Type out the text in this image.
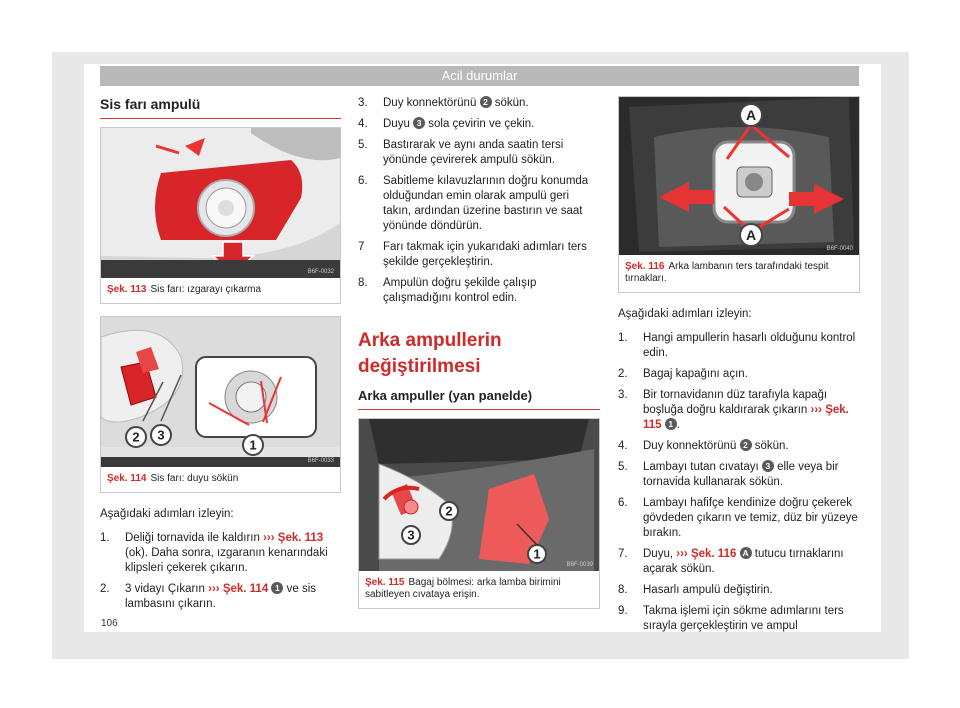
Acil durumlar
Sis farı ampulü
B6F-0032
Şek. 113 Sis farı: ızgarayı çıkarma
2 3
1
B6F-0033
Şek. 114 Sis farı: duyu sökün

Aşağıdaki adımları izleyin:

1. Deliği tornavida ile kaldırın ››› Şek. 113 (ok). Daha sonra, ızgaranın kenarındaki klipsleri çekerek çıkarın.
2. 3 vidayı Çıkarın ››› Şek. 114 1 ve sis lambasını çıkarın.
3. Duy konnektörünü 2 sökün.
4. Duyu 3 sola çevirin ve çekin.
5. Bastırarak ve aynı anda saatin tersi yönünde çevirerek ampulü sökün.
6. Sabitleme kılavuzlarının doğru konumda olduğundan emin olarak ampulü geri takın, ardından üzerine bastırın ve saat yönünde döndürün.
7 Farı takmak için yukarıdaki adımları ters şekilde gerçekleştirin.
8. Ampulün doğru şekilde çalışıp çalışmadığını kontrol edin.
Arka ampullerin değiştirilmesi
Arka ampuller (yan panelde)
2
3
1
B6F-0039
Şek. 115 Bagaj bölmesi: arka lamba birimini sabitleyen cıvataya erişin.
A
A
B6F-0040
Şek. 116 Arka lambanın ters tarafındaki tespit tırnakları.

Aşağıdaki adımları izleyin:

1. Hangi ampullerin hasarlı olduğunu kontrol edin.
2. Bagaj kapağını açın.
3. Bir tornavidanın düz tarafıyla kapağı boşluğa doğru kaldırarak çıkarın ››› Şek. 115 1 .
4. Duy konnektörünü 2 sökün.
5. Lambayı tutan cıvatayı 3 elle veya bir tornavida kullanarak sökün.
6. Lambayı hafifçe kendinize doğru çekerek gövdeden çıkarın ve temiz, düz bir yüzeye bırakın.
7. Duyu, ››› Şek. 116 A tutucu tırnaklarını açarak sökün.
8. Hasarlı ampulü değiştirin.
9. Takma işlemi için sökme adımlarını ters sırayla gerçekleştirin ve ampul
106
